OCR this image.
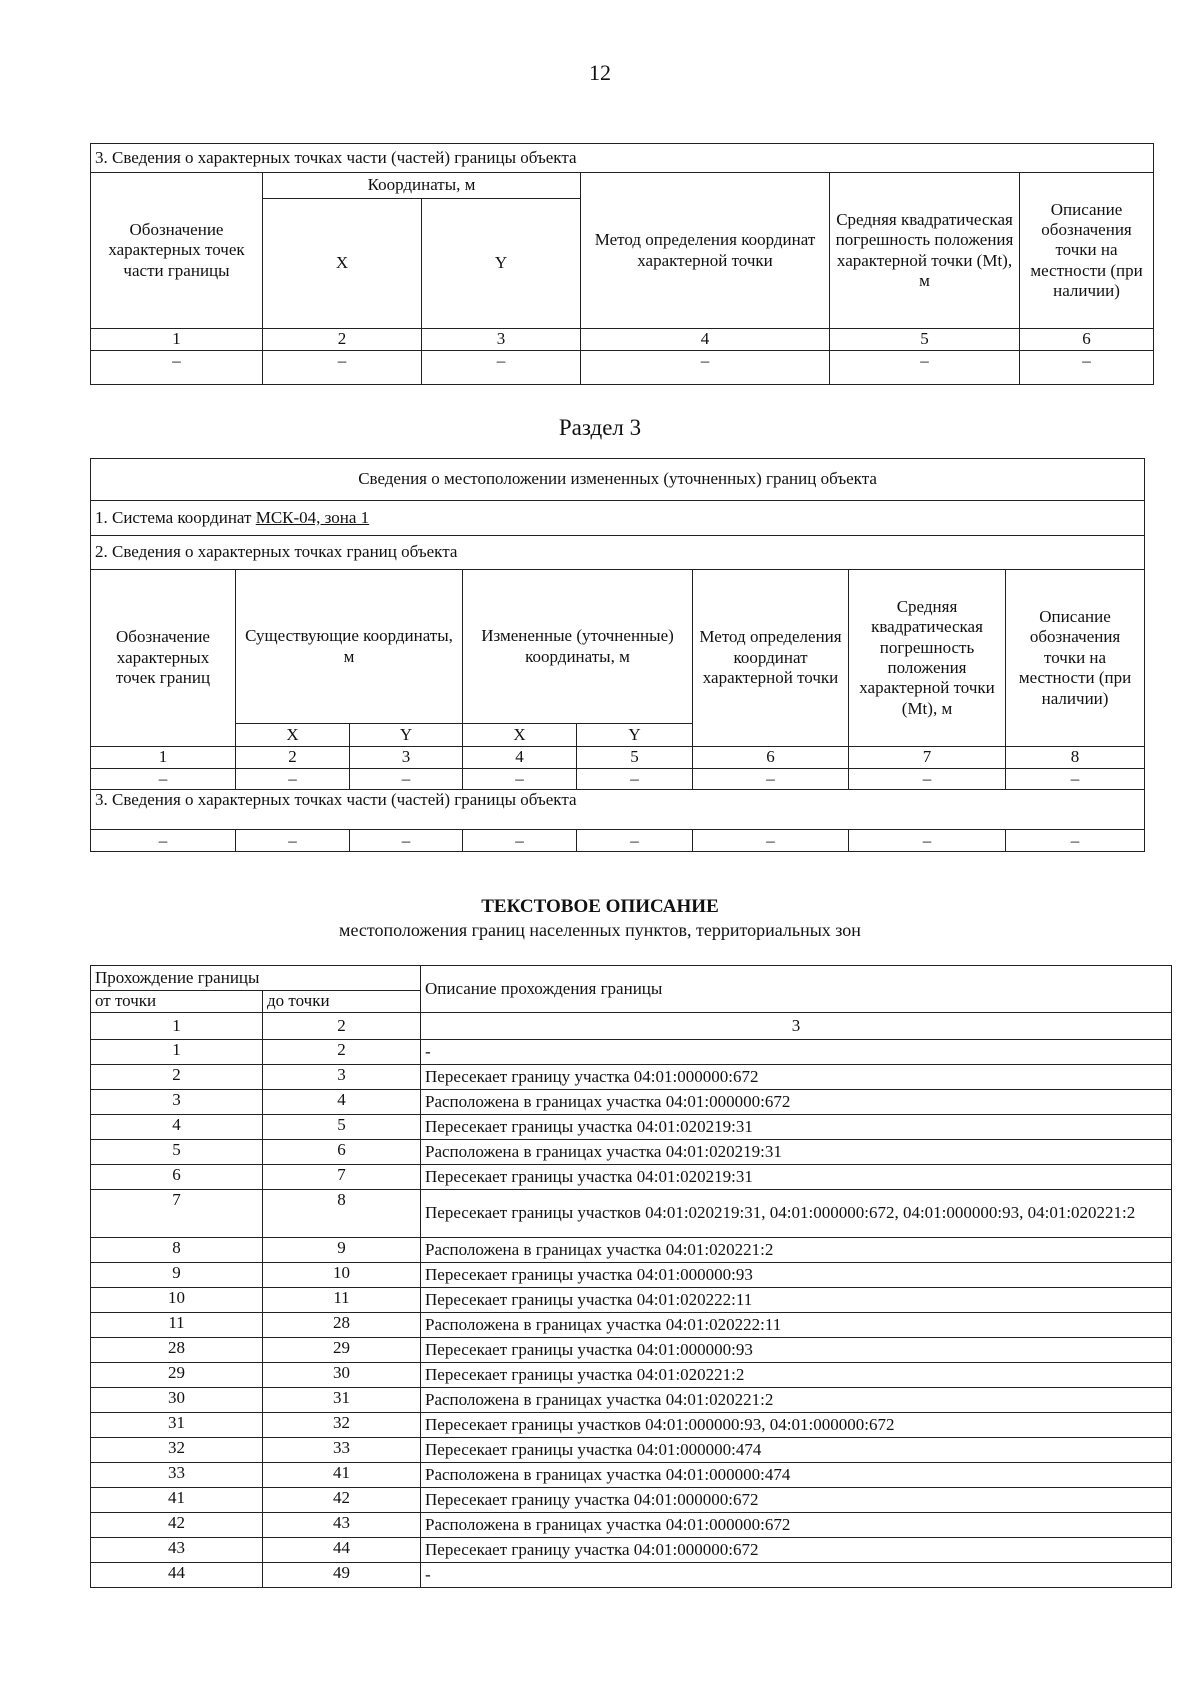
12
3. Сведения о характерных точках части (частей) границы объекта					
Обозначение характерных точек части границы	Координаты, м		Метод определения координат характерной точки	Средняя квадратическая погрешность положения характерной точки (Mt), м	Описание обозначения точки на местности (при наличии)
	X	Y			
1	2	3	4	5	6
–	–	–	–	–	–
Раздел 3
Сведения о местоположении измененных (уточненных) границ объекта							
1. Система координат МСК-04, зона 1							
2. Сведения о характерных точках границ объекта							
Обозначение характерных точек границ	Существующие координаты, м		Измененные (уточненные) координаты, м		Метод определения координат характерной точки	Средняя квадратическая погрешность положения характерной точки (Mt), м	Описание обозначения точки на местности (при наличии)
	X	Y	X	Y			
1	2	3	4	5	6	7	8
–	–	–	–	–	–	–	–
3. Сведения о характерных точках части (частей) границы объекта							
–	–	–	–	–	–	–	–
ТЕКСТОВОЕ ОПИСАНИЕ
местоположения границ населенных пунктов, территориальных зон
Прохождение границы		Описание прохождения границы
от точки	до точки	
1	2	3
1	2	-
2	3	Пересекает границу участка 04:01:000000:672
3	4	Расположена в границах участка 04:01:000000:672
4	5	Пересекает границы участка 04:01:020219:31
5	6	Расположена в границах участка 04:01:020219:31
6	7	Пересекает границы участка 04:01:020219:31
7	8	Пересекает границы участков 04:01:020219:31, 04:01:000000:672, 04:01:000000:93, 04:01:020221:2
8	9	Расположена в границах участка 04:01:020221:2
9	10	Пересекает границы участка 04:01:000000:93
10	11	Пересекает границы участка 04:01:020222:11
11	28	Расположена в границах участка 04:01:020222:11
28	29	Пересекает границы участка 04:01:000000:93
29	30	Пересекает границы участка 04:01:020221:2
30	31	Расположена в границах участка 04:01:020221:2
31	32	Пересекает границы участков 04:01:000000:93, 04:01:000000:672
32	33	Пересекает границы участка 04:01:000000:474
33	41	Расположена в границах участка 04:01:000000:474
41	42	Пересекает границу участка 04:01:000000:672
42	43	Расположена в границах участка 04:01:000000:672
43	44	Пересекает границу участка 04:01:000000:672
44	49	-
